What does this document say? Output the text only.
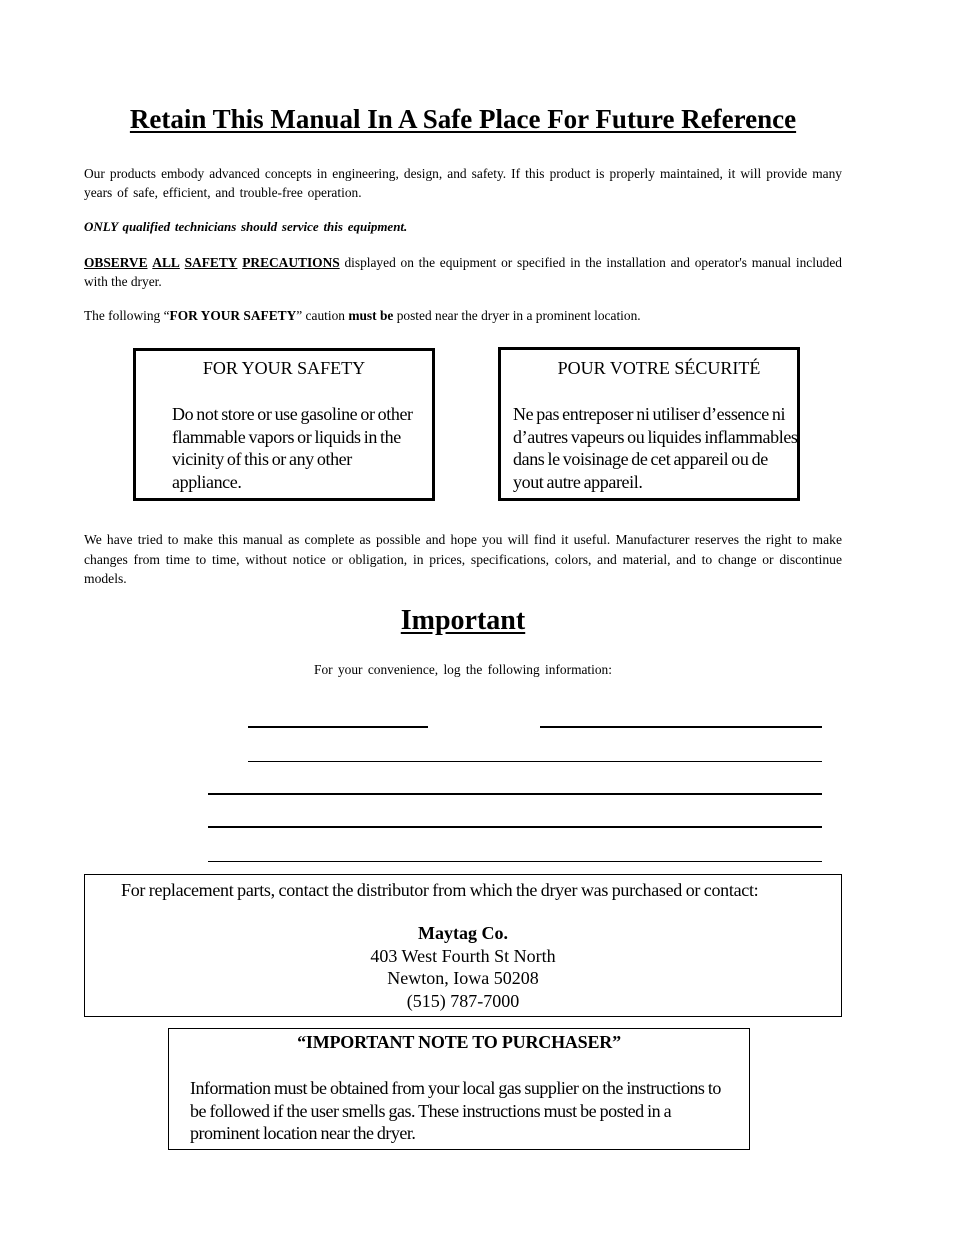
Retain This Manual In A Safe Place For Future Reference
Our products embody advanced concepts in engineering, design, and safety. If this product is properly maintained, it will provide many years of safe, efficient, and trouble-free operation.
ONLY qualified technicians should service this equipment.
OBSERVE ALL SAFETY PRECAUTIONS displayed on the equipment or specified in the installation and operator's manual included with the dryer.
The following “FOR YOUR SAFETY” caution must be posted near the dryer in a prominent location.
FOR YOUR SAFETY
Do not store or use gasoline or other flammable vapors or liquids in the vicinity of this or any other appliance.
POUR VOTRE SÉCURITÉ
Ne pas entreposer ni utiliser d’essence ni d’autres vapeurs ou liquides inflammables dans le voisinage de cet appareil ou de yout autre appareil.
We have tried to make this manual as complete as possible and hope you will find it useful. Manufacturer reserves the right to make changes from time to time, without notice or obligation, in prices, specifications, colors, and material, and to change or discontinue models.
Important
For your convenience, log the following information:
For replacement parts, contact the distributor from which the dryer was purchased or contact:
Maytag Co.
403 West Fourth St North
Newton, Iowa 50208
(515) 787-7000
“IMPORTANT NOTE TO PURCHASER”
Information must be obtained from your local gas supplier on the instructions to be followed if the user smells gas. These instructions must be posted in a prominent location near the dryer.
